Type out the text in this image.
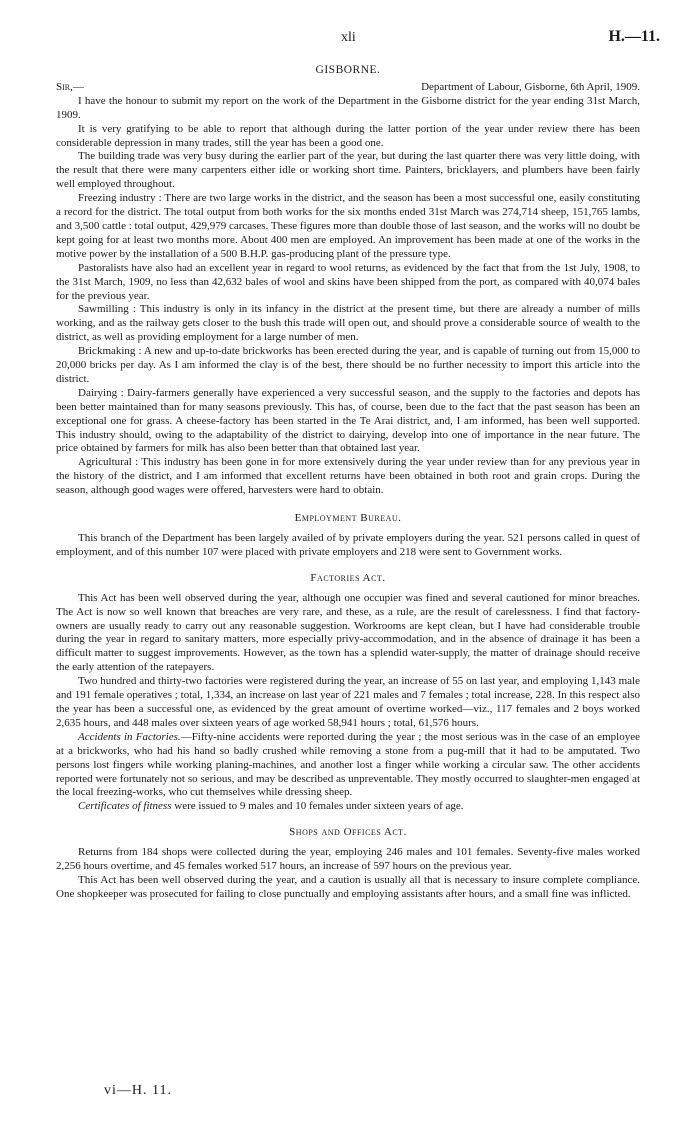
xli	H.—11.
GISBORNE.
Sir,—	Department of Labour, Gisborne, 6th April, 1909.

I have the honour to submit my report on the work of the Department in the Gisborne district for the year ending 31st March, 1909.

It is very gratifying to be able to report that although during the latter portion of the year under review there has been considerable depression in many trades, still the year has been a good one.

The building trade was very busy during the earlier part of the year, but during the last quarter there was very little doing, with the result that there were many carpenters either idle or working short time. Painters, bricklayers, and plumbers have been fairly well employed throughout.

Freezing industry : There are two large works in the district, and the season has been a most successful one, easily constituting a record for the district. The total output from both works for the six months ended 31st March was 274,714 sheep, 151,765 lambs, and 3,500 cattle : total output, 429,979 carcases. These figures more than double those of last season, and the works will no doubt be kept going for at least two months more. About 400 men are employed. An improvement has been made at one of the works in the motive power by the installation of a 500 B.H.P. gas-producing plant of the pressure type.

Pastoralists have also had an excellent year in regard to wool returns, as evidenced by the fact that from the 1st July, 1908, to the 31st March, 1909, no less than 42,632 bales of wool and skins have been shipped from the port, as compared with 40,074 bales for the previous year.

Sawmilling : This industry is only in its infancy in the district at the present time, but there are already a number of mills working, and as the railway gets closer to the bush this trade will open out, and should prove a considerable source of wealth to the district, as well as providing employment for a large number of men.

Brickmaking : A new and up-to-date brickworks has been erected during the year, and is capable of turning out from 15,000 to 20,000 bricks per day. As I am informed the clay is of the best, there should be no further necessity to import this article into the district.

Dairying : Dairy-farmers generally have experienced a very successful season, and the supply to the factories and depots has been better maintained than for many seasons previously. This has, of course, been due to the fact that the past season has been an exceptional one for grass. A cheese-factory has been started in the Te Arai district, and, I am informed, has been well supported. This industry should, owing to the adaptability of the district to dairying, develop into one of importance in the near future. The price obtained by farmers for milk has also been better than that obtained last year.

Agricultural : This industry has been gone in for more extensively during the year under review than for any previous year in the history of the district, and I am informed that excellent returns have been obtained in both root and grain crops. During the season, although good wages were offered, harvesters were hard to obtain.

Employment Bureau.

This branch of the Department has been largely availed of by private employers during the year. 521 persons called in quest of employment, and of this number 107 were placed with private employers and 218 were sent to Government works.

Factories Act.

This Act has been well observed during the year, although one occupier was fined and several cautioned for minor breaches. The Act is now so well known that breaches are very rare, and these, as a rule, are the result of carelessness. I find that factory-owners are usually ready to carry out any reasonable suggestion. Workrooms are kept clean, but I have had considerable trouble during the year in regard to sanitary matters, more especially privy-accommodation, and in the absence of drainage it has been a difficult matter to suggest improvements. However, as the town has a splendid water-supply, the matter of drainage should receive the early attention of the ratepayers.

Two hundred and thirty-two factories were registered during the year, an increase of 55 on last year, and employing 1,143 male and 191 female operatives ; total, 1,334, an increase on last year of 221 males and 7 females ; total increase, 228. In this respect also the year has been a successful one, as evidenced by the great amount of overtime worked—viz., 117 females and 2 boys worked 2,635 hours, and 448 males over sixteen years of age worked 58,941 hours ; total, 61,576 hours.

Accidents in Factories.—Fifty-nine accidents were reported during the year ; the most serious was in the case of an employee at a brickworks, who had his hand so badly crushed while removing a stone from a pug-mill that it had to be amputated. Two persons lost fingers while working planing-machines, and another lost a finger while working a circular saw. The other accidents reported were fortunately not so serious, and may be described as unpreventable. They mostly occurred to slaughter-men engaged at the local freezing-works, who cut themselves while dressing sheep.

Certificates of fitness were issued to 9 males and 10 females under sixteen years of age.

Shops and Offices Act.

Returns from 184 shops were collected during the year, employing 246 males and 101 females. Seventy-five males worked 2,256 hours overtime, and 45 females worked 517 hours, an increase of 597 hours on the previous year.

This Act has been well observed during the year, and a caution is usually all that is necessary to insure complete compliance. One shopkeeper was prosecuted for failing to close punctually and employing assistants after hours, and a small fine was inflicted.

vi—H. 11.
